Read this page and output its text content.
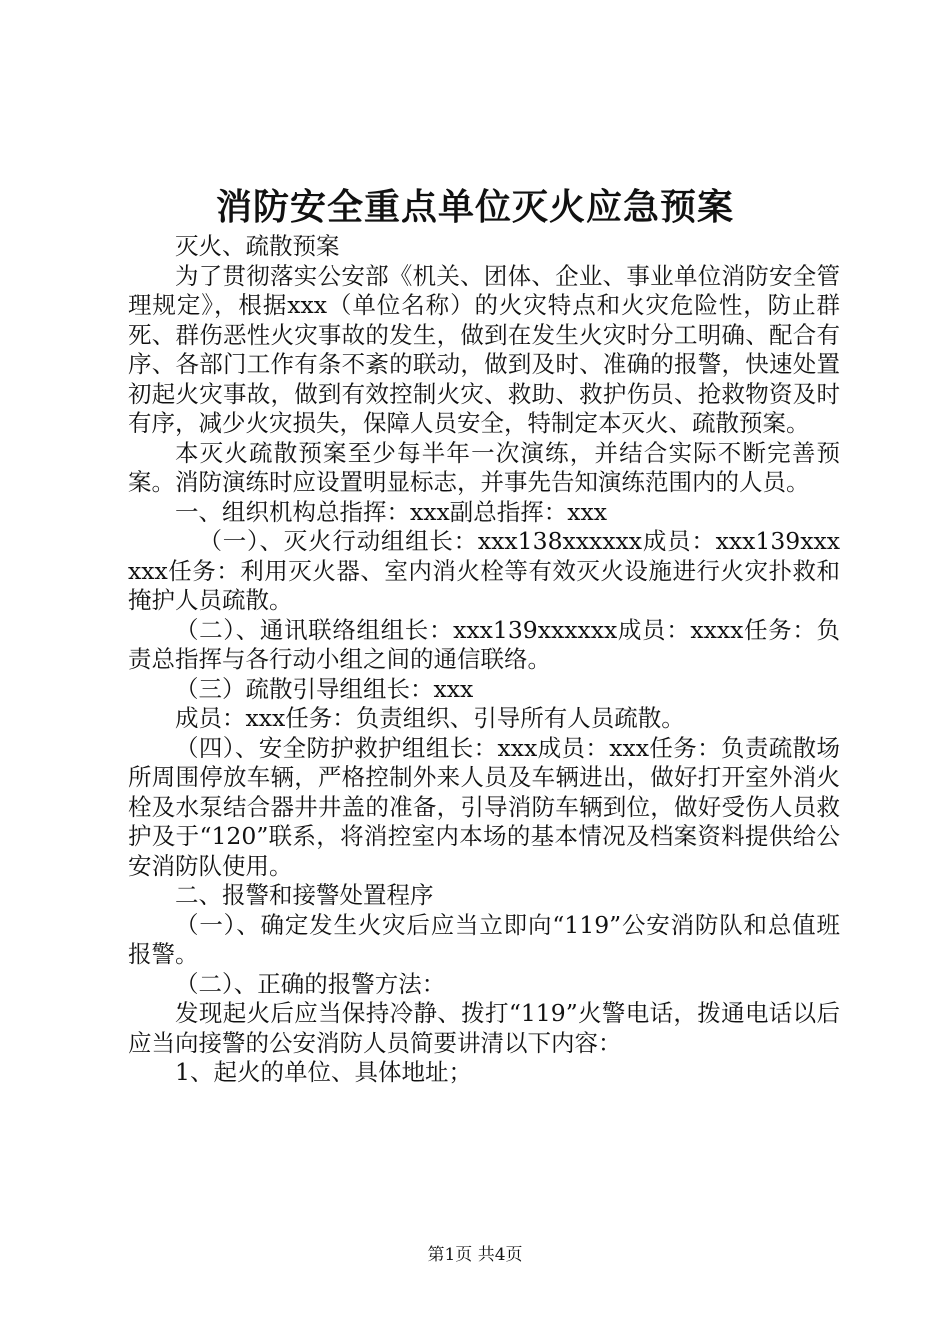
消防安全重点单位灭火应急预案

灭火、疏散预案

为了贯彻落实公安部《机关、团体、企业、事业单位消防安全管理规定》，根据xxx（单位名称）的火灾特点和火灾危险性，防止群死、群伤恶性火灾事故的发生，做到在发生火灾时分工明确、配合有序、各部门工作有条不紊的联动，做到及时、准确的报警，快速处置初起火灾事故，做到有效控制火灾、救助、救护伤员、抢救物资及时有序，减少火灾损失，保障人员安全，特制定本灭火、疏散预案。

本灭火疏散预案至少每半年一次演练，并结合实际不断完善预案。消防演练时应设置明显标志，并事先告知演练范围内的人员。

一、组织机构总指挥：xxx副总指挥：xxx

（一）、灭火行动组组长：xxx138xxxxxx成员：xxx139xxxxxx任务：利用灭火器、室内消火栓等有效灭火设施进行火灾扑救和掩护人员疏散。

（二）、通讯联络组组长：xxx139xxxxxx成员：xxxx任务：负责总指挥与各行动小组之间的通信联络。

（三）疏散引导组组长：xxx

成员：xxx任务：负责组织、引导所有人员疏散。

（四）、安全防护救护组组长：xxx成员：xxx任务：负责疏散场所周围停放车辆，严格控制外来人员及车辆进出，做好打开室外消火栓及水泵结合器井井盖的准备，引导消防车辆到位，做好受伤人员救护及于“120”联系，将消控室内本场的基本情况及档案资料提供给公安消防队使用。

二、报警和接警处置程序

（一）、确定发生火灾后应当立即向“119”公安消防队和总值班报警。

（二）、正确的报警方法：

发现起火后应当保持冷静、拨打“119”火警电话，拨通电话以后应当向接警的公安消防人员简要讲清以下内容：

1、起火的单位、具体地址；

第1页 共4页
